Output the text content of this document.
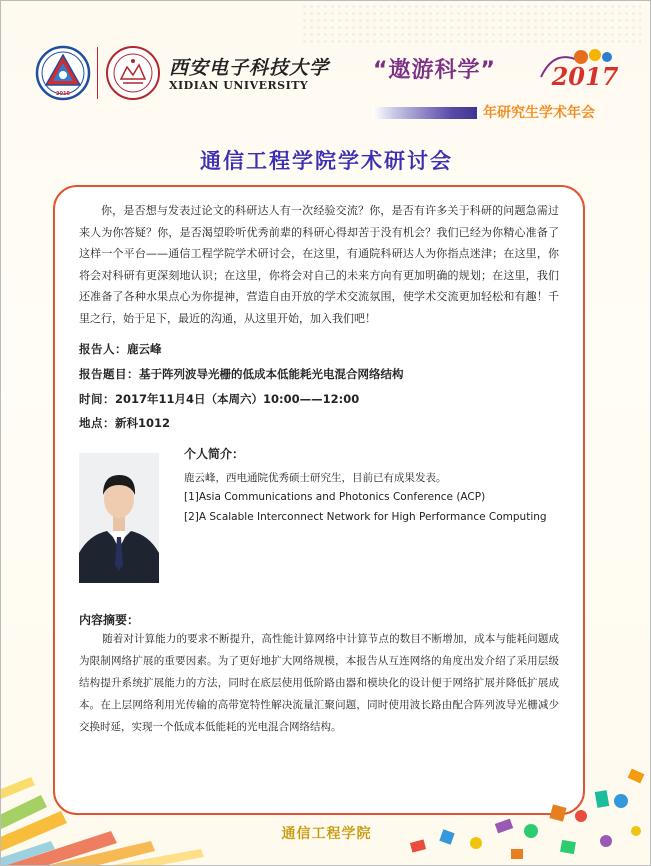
2010
西安电子科技大学
XIDIAN UNIVERSITY
“遨游科学” 2017
年研究生学术年会
通信工程学院学术研讨会

你，是否想与发表过论文的科研达人有一次经验交流？你，是否有许多关于科研的问题急需过来人为你答疑？你，是否渴望聆听优秀前辈的科研心得却苦于没有机会？我们已经为你精心准备了这样一个平台——通信工程学院学术研讨会，在这里，有通院科研达人为你指点迷津；在这里，你将会对科研有更深刻地认识；在这里，你将会对自己的未来方向有更加明确的规划；在这里，我们还准备了各种水果点心为你提神，营造自由开放的学术交流氛围，使学术交流更加轻松和有趣！千里之行，始于足下，最近的沟通，从这里开始，加入我们吧！

报告人：鹿云峰
报告题目：基于阵列波导光栅的低成本低能耗光电混合网络结构
时间：2017年11月4日（本周六）10:00——12:00
地点：新科1012
个人简介：
鹿云峰，西电通院优秀硕士研究生，目前已有成果发表。
[1]Asia Communications and Photonics Conference (ACP)
[2]A Scalable Interconnect Network for High Performance Computing
内容摘要：

随着对计算能力的要求不断提升，高性能计算网络中计算节点的数目不断增加，成本与能耗问题成为限制网络扩展的重要因素。为了更好地扩大网络规模，本报告从互连网络的角度出发介绍了采用层级结构提升系统扩展能力的方法，同时在底层使用低阶路由器和模块化的设计便于网络扩展并降低扩展成本。在上层网络利用光传输的高带宽特性解决流量汇聚问题，同时使用波长路由配合阵列波导光栅减少交换时延，实现一个低成本低能耗的光电混合网络结构。

通信工程学院
